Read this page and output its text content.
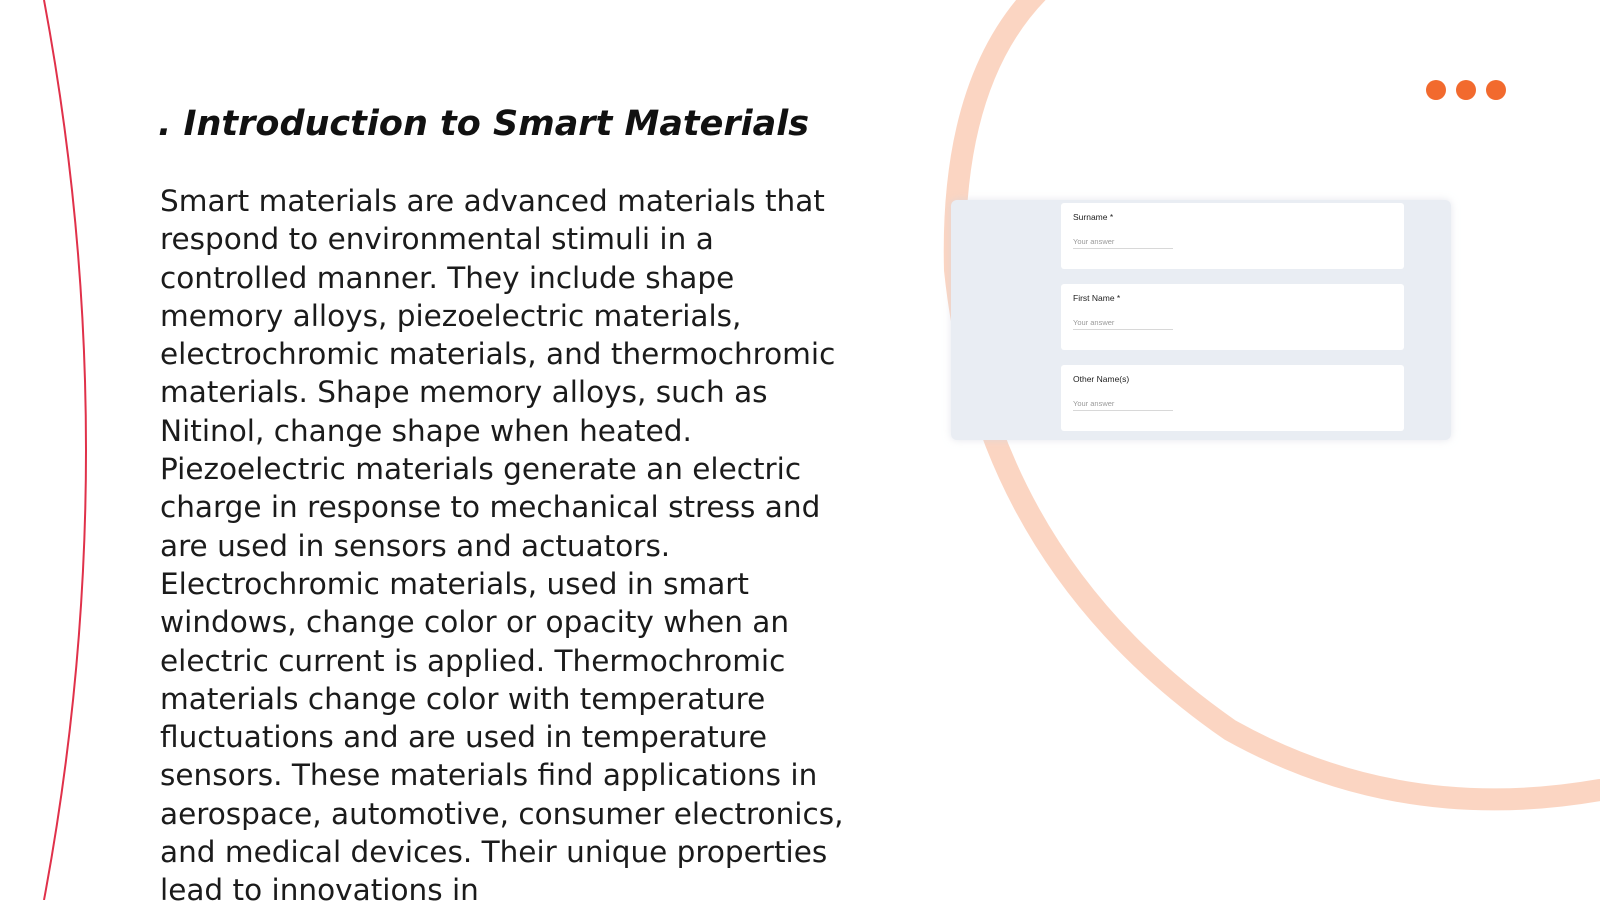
. Introduction to Smart Materials

Smart materials are advanced materials that respond to environmental stimuli in a controlled manner. They include shape memory alloys, piezoelectric materials, electrochromic materials, and thermochromic materials. Shape memory alloys, such as Nitinol, change shape when heated. Piezoelectric materials generate an electric charge in response to mechanical stress and are used in sensors and actuators. Electrochromic materials, used in smart windows, change color or opacity when an electric current is applied. Thermochromic materials change color with temperature fluctuations and are used in temperature sensors. These materials find applications in aerospace, automotive, consumer electronics, and medical devices. Their unique properties lead to innovations in

Surname *
Your answer
First Name *
Your answer
Other Name(s)
Your answer
